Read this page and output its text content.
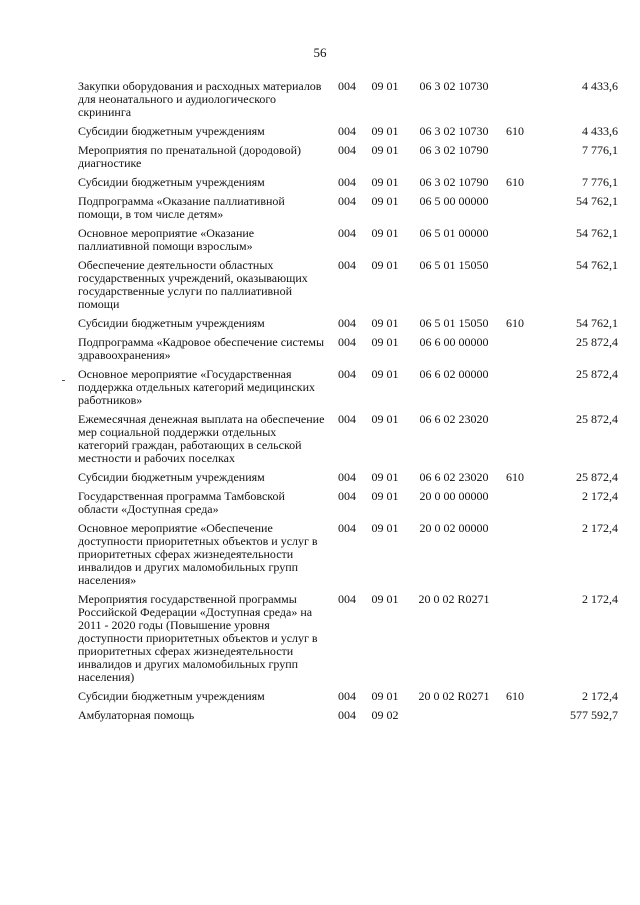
56
Закупки оборудования и расходных материалов для неонатального и аудиологического скрининга	004	09 01	06 3 02 10730		4 433,6
Субсидии бюджетным учреждениям	004	09 01	06 3 02 10730	610	4 433,6
Мероприятия по пренатальной (дородовой) диагностике	004	09 01	06 3 02 10790		7 776,1
Субсидии бюджетным учреждениям	004	09 01	06 3 02 10790	610	7 776,1
Подпрограмма «Оказание паллиативной помощи, в том числе детям»	004	09 01	06 5 00 00000		54 762,1
Основное мероприятие «Оказание паллиативной помощи взрослым»	004	09 01	06 5 01 00000		54 762,1
Обеспечение деятельности областных государственных учреждений, оказывающих государственные услуги по паллиативной помощи	004	09 01	06 5 01 15050		54 762,1
Субсидии бюджетным учреждениям	004	09 01	06 5 01 15050	610	54 762,1
Подпрограмма «Кадровое обеспечение системы здравоохранения»	004	09 01	06 6 00 00000		25 872,4
Основное мероприятие «Государственная поддержка отдельных категорий медицинских работников»	004	09 01	06 6 02 00000		25 872,4
Ежемесячная денежная выплата на обеспечение мер социальной поддержки отдельных категорий граждан, работающих в сельской местности и рабочих поселках	004	09 01	06 6 02 23020		25 872,4
Субсидии бюджетным учреждениям	004	09 01	06 6 02 23020	610	25 872,4
Государственная программа Тамбовской области «Доступная среда»	004	09 01	20 0 00 00000		2 172,4
Основное мероприятие «Обеспечение доступности приоритетных объектов и услуг в приоритетных сферах жизнедеятельности инвалидов и других маломобильных групп населения»	004	09 01	20 0 02 00000		2 172,4
Мероприятия государственной программы Российской Федерации «Доступная среда» на 2011 - 2020 годы (Повышение уровня доступности приоритетных объектов и услуг в приоритетных сферах жизнедеятельности инвалидов и других маломобильных групп населения)	004	09 01	20 0 02 R0271		2 172,4
Субсидии бюджетным учреждениям	004	09 01	20 0 02 R0271	610	2 172,4
Амбулаторная помощь	004	09 02			577 592,7
